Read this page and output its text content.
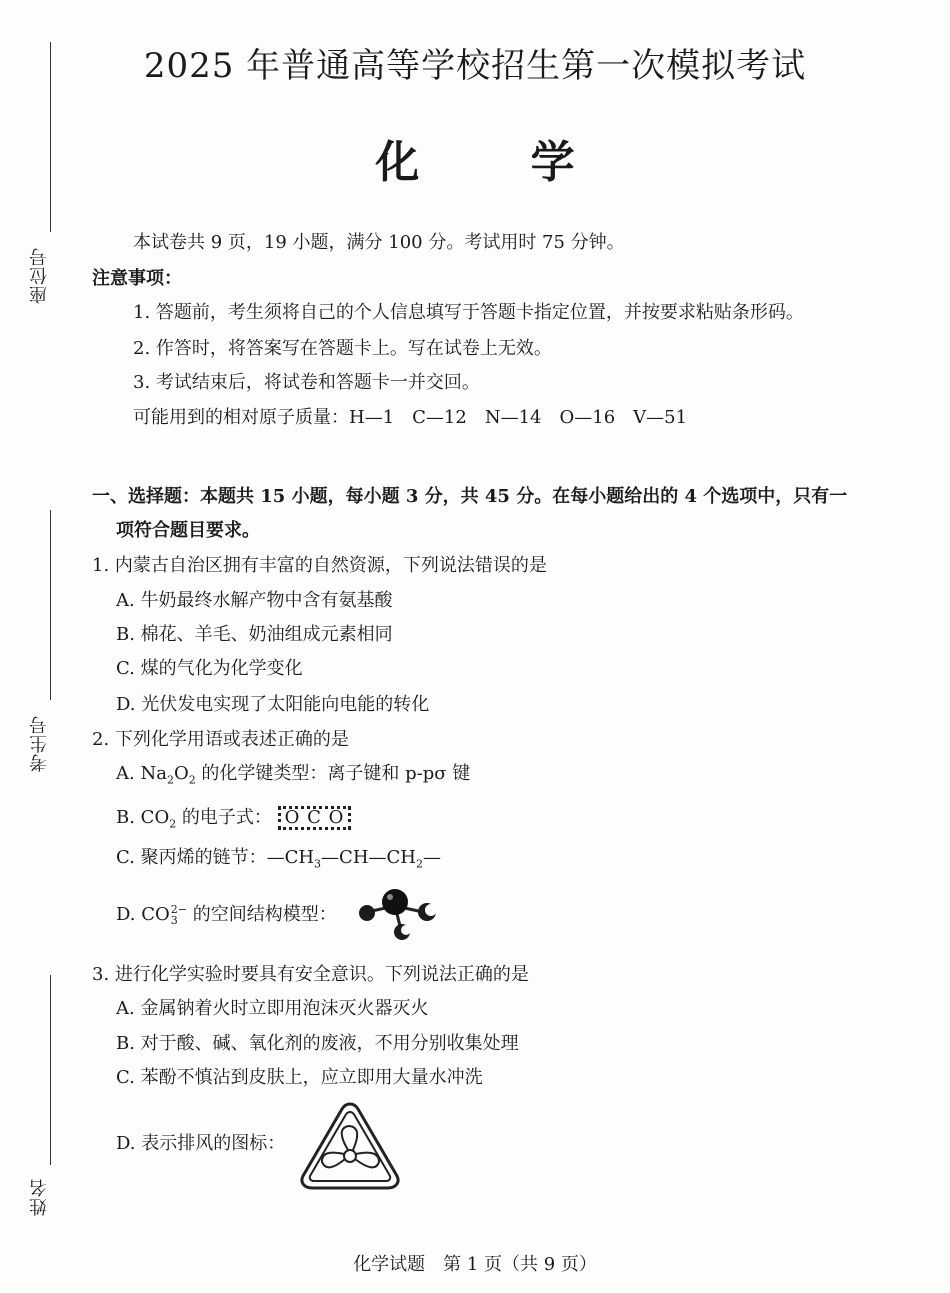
座位号
考生号
姓名
2025 年普通高等学校招生第一次模拟考试
化 学
本试卷共 9 页，19 小题，满分 100 分。考试用时 75 分钟。
注意事项：
1. 答题前，考生须将自己的个人信息填写于答题卡指定位置，并按要求粘贴条形码。
2. 作答时，将答案写在答题卡上。写在试卷上无效。
3. 考试结束后，将试卷和答题卡一并交回。
可能用到的相对原子质量：H—1　C—12　N—14　O—16　V—51
一、选择题：本题共 15 小题，每小题 3 分，共 45 分。在每小题给出的 4 个选项中，只有一
项符合题目要求。
1. 内蒙古自治区拥有丰富的自然资源，下列说法错误的是
A. 牛奶最终水解产物中含有氨基酸
B. 棉花、羊毛、奶油组成元素相同
C. 煤的气化为化学变化
D. 光伏发电实现了太阳能向电能的转化
2. 下列化学用语或表述正确的是
A. $Na_2O_2$ 的化学键类型：离子键和 p-pσ 键
B. $CO_2$ 的电子式： O C O
C. 聚丙烯的链节：$—CH_3—CH—CH_2—$
D. CO 2−
3 的空间结构模型：
3. 进行化学实验时要具有安全意识。下列说法正确的是
A. 金属钠着火时立即用泡沫灭火器灭火
B. 对于酸、碱、氧化剂的废液，不用分别收集处理
C. 苯酚不慎沾到皮肤上，应立即用大量水冲洗
D. 表示排风的图标：
化学试题　第 1 页（共 9 页）
